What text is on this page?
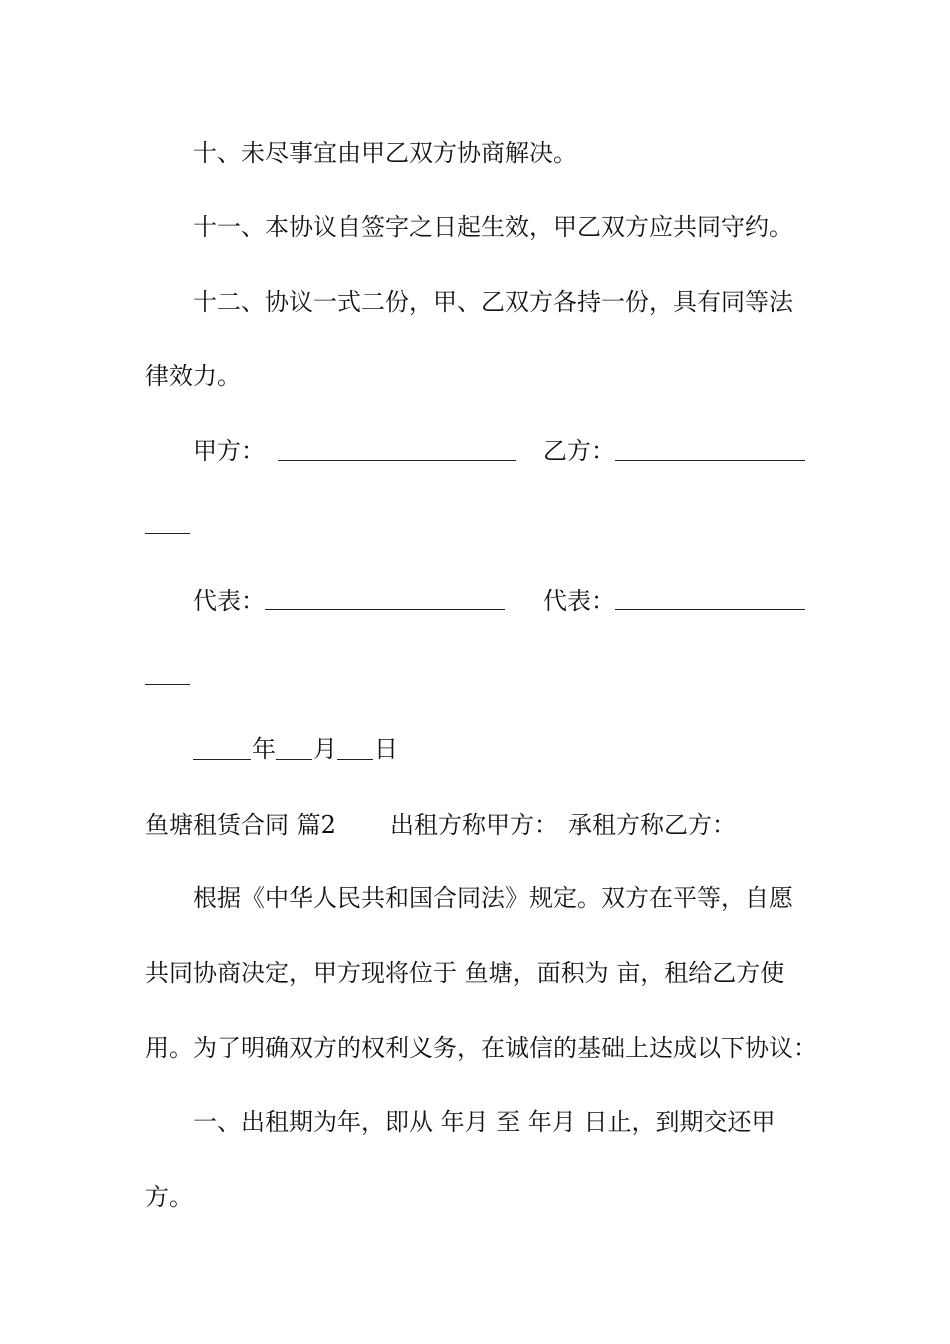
十、未尽事宜由甲乙双方协商解决。
十一、本协议自签字之日起生效，甲乙双方应共同守约。
十二、协议一式二份，甲、乙双方各持一份，具有同等法
律效力。
甲方：	乙方：
代表：	代表：
年 月 日
鱼塘租赁合同 篇2 出租方称甲方： 承租方称乙方：
根据《中华人民共和国合同法》规定。双方在平等，自愿
共同协商决定，甲方现将位于 鱼塘，面积为 亩，租给乙方使
用。为了明确双方的权利义务，在诚信的基础上达成以下协议：
一、出租期为年，即从 年月 至 年月 日止，到期交还甲
方。
